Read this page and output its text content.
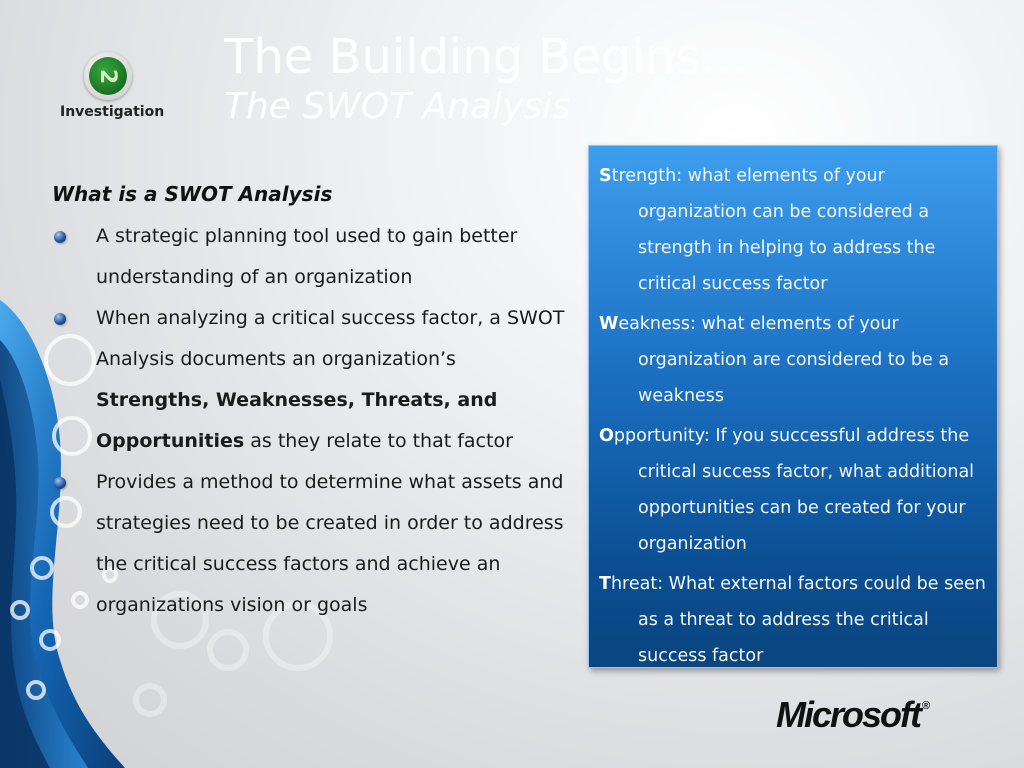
2
Investigation
The Building Begins…
The SWOT Analysis
What is a SWOT Analysis
A strategic planning tool used to gain better understanding of an organization
When analyzing a critical success factor, a SWOT Analysis documents an organization’s Strengths, Weaknesses, Threats, and Opportunities as they relate to that factor
Provides a method to determine what assets and strategies need to be created in order to address the critical success factors and achieve an organizations vision or goals
Strength: what elements of your organization can be considered a strength in helping to address the critical success factor
Weakness: what elements of your organization are considered to be a weakness
Opportunity: If you successful address the critical success factor, what additional opportunities can be created for your organization
Threat: What external factors could be seen as a threat to address the critical success factor
Microsoft ®
